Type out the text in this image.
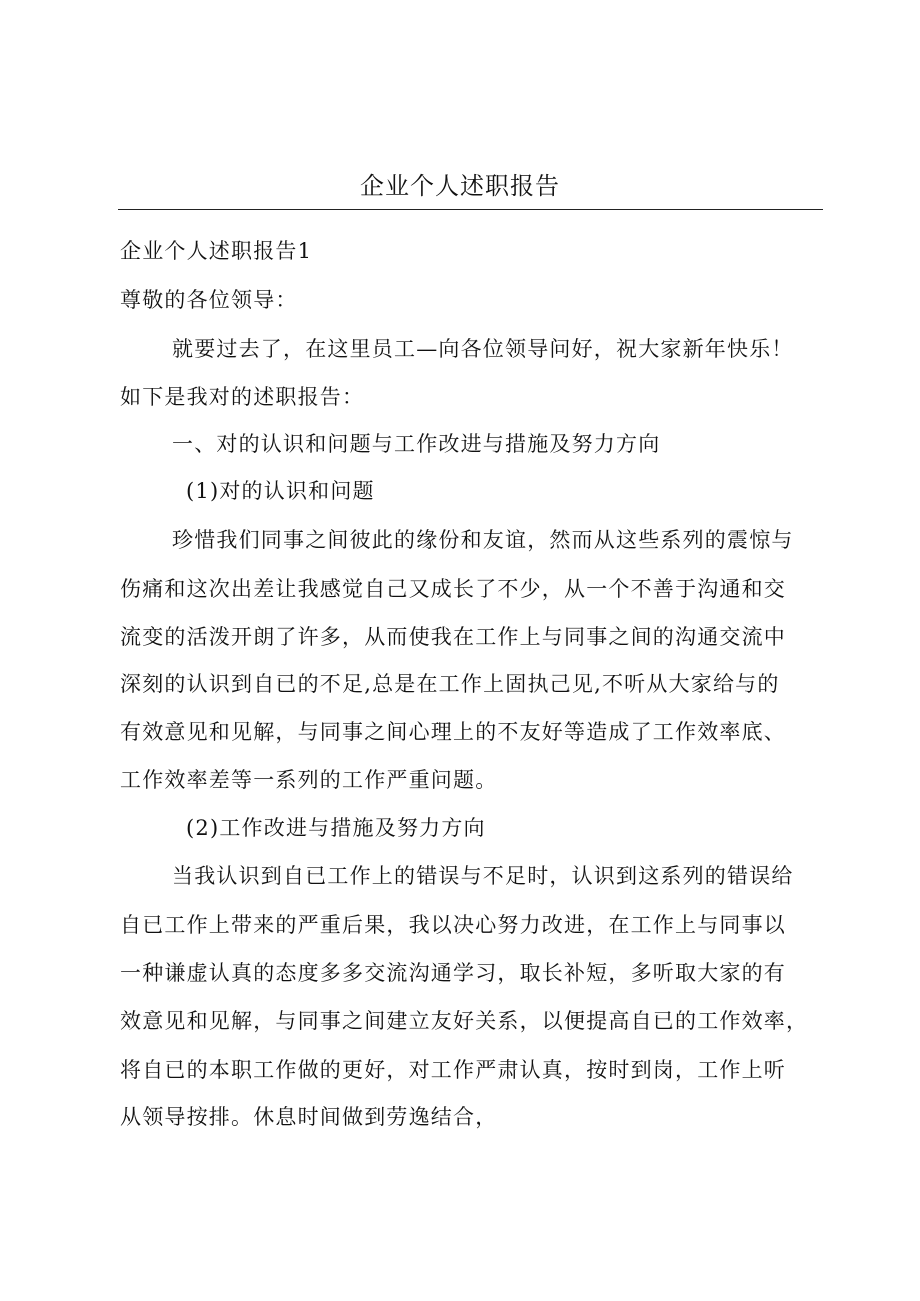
企业个人述职报告
企业个人述职报告1
尊敬的各位领导：
就要过去了，在这里员工—向各位领导问好，祝大家新年快乐！
如下是我对的述职报告：
一、对的认识和问题与工作改进与措施及努力方向
(1)对的认识和问题
珍惜我们同事之间彼此的缘份和友谊，然而从这些系列的震惊与
伤痛和这次出差让我感觉自己又成长了不少，从一个不善于沟通和交
流变的活泼开朗了许多，从而使我在工作上与同事之间的沟通交流中
深刻的认识到自已的不足,总是在工作上固执己见,不听从大家给与的
有效意见和见解，与同事之间心理上的不友好等造成了工作效率底、
工作效率差等一系列的工作严重问题。
(2)工作改进与措施及努力方向
当我认识到自已工作上的错误与不足时，认识到这系列的错误给
自已工作上带来的严重后果，我以决心努力改进，在工作上与同事以
一种谦虚认真的态度多多交流沟通学习，取长补短，多听取大家的有
效意见和见解，与同事之间建立友好关系，以便提高自已的工作效率，
将自已的本职工作做的更好，对工作严肃认真，按时到岗，工作上听
从领导按排。休息时间做到劳逸结合，
